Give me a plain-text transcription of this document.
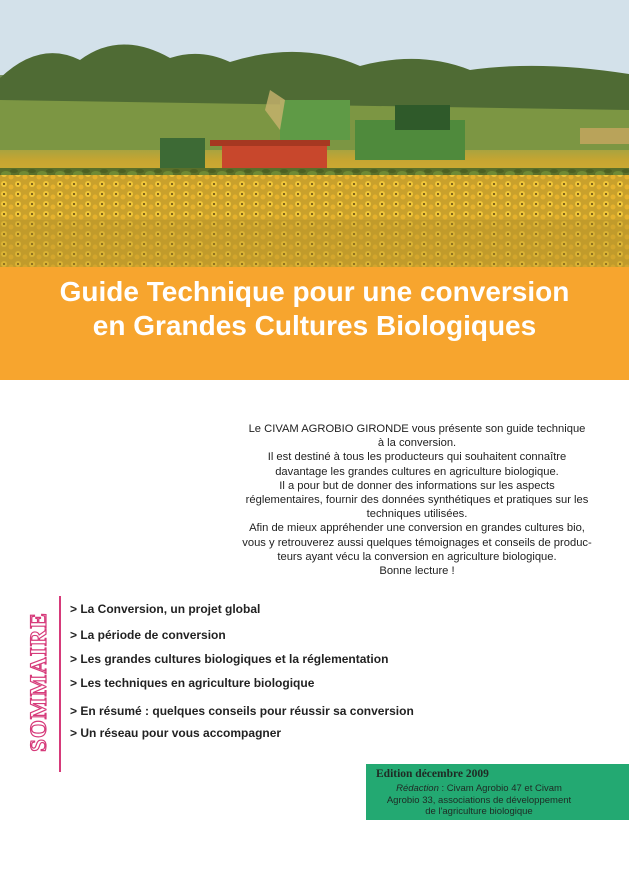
Guide Technique pour une conversion
en Grandes Cultures Biologiques
Le CIVAM AGROBIO GIRONDE vous présente son guide technique
à la conversion.
Il est destiné à tous les producteurs qui souhaitent connaître
davantage les grandes cultures en agriculture biologique.
Il a pour but de donner des informations sur les aspects
réglementaires, fournir des données synthétiques et pratiques sur les
techniques utilisées.
Afin de mieux appréhender une conversion en grandes cultures bio,
vous y retrouverez aussi quelques témoignages et conseils de produc-
teurs ayant vécu la conversion en agriculture biologique.
Bonne lecture !
SOMMAIRE
> La Conversion, un projet global
> La période de conversion
> Les grandes cultures biologiques et la réglementation
> Les techniques en agriculture biologique
> En résumé : quelques conseils pour réussir sa conversion
> Un réseau pour vous accompagner
Edition décembre 2009
Rédaction : Civam Agrobio 47 et Civam
Agrobio 33, associations de développement
de l'agriculture biologique
